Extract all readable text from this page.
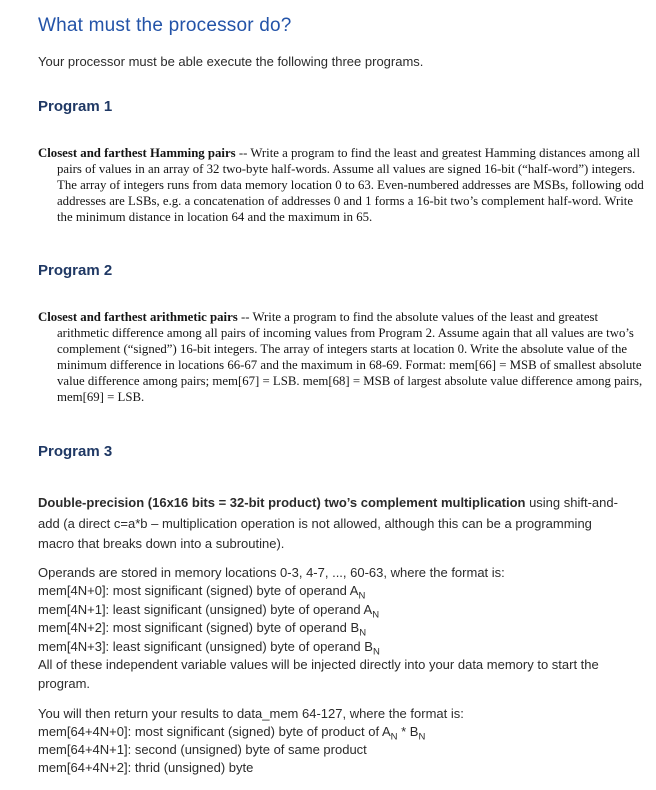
What must the processor do?

Your processor must be able execute the following three programs.

Program 1
Closest and farthest Hamming pairs -- Write a program to find the least and greatest Hamming distances among all pairs of values in an array of 32 two-byte half-words. Assume all values are signed 16-bit (“half-word”) integers. The array of integers runs from data memory location 0 to 63. Even-numbered addresses are MSBs, following odd addresses are LSBs, e.g. a concatenation of addresses 0 and 1 forms a 16-bit two’s complement half-word. Write the minimum distance in location 64 and the maximum in 65.
Program 2
Closest and farthest arithmetic pairs -- Write a program to find the absolute values of the least and greatest arithmetic difference among all pairs of incoming values from Program 2. Assume again that all values are two’s complement (“signed”) 16-bit integers. The array of integers starts at location 0. Write the absolute value of the minimum difference in locations 66-67 and the maximum in 68-69. Format: mem[66] = MSB of smallest absolute value difference among pairs; mem[67] = LSB. mem[68] = MSB of largest absolute value difference among pairs, mem[69] = LSB.
Program 3
Double-precision (16x16 bits = 32-bit product) two’s complement multiplication using shift-and-add (a direct c=a*b – multiplication operation is not allowed, although this can be a programming macro that breaks down into a subroutine).
Operands are stored in memory locations 0-3, 4-7, ..., 60-63, where the format is:
mem[4N+0]: most significant (signed) byte of operand $A_N$
mem[4N+1]: least significant (unsigned) byte of operand $A_N$
mem[4N+2]: most significant (signed) byte of operand $B_N$
mem[4N+3]: least significant (unsigned) byte of operand $B_N$
All of these independent variable values will be injected directly into your data memory to start the program.
You will then return your results to data_mem 64-127, where the format is:
mem[64+4N+0]: most significant (signed) byte of product of $A_N * B_N$
mem[64+4N+1]: second (unsigned) byte of same product
mem[64+4N+2]: thrid (unsigned) byte
